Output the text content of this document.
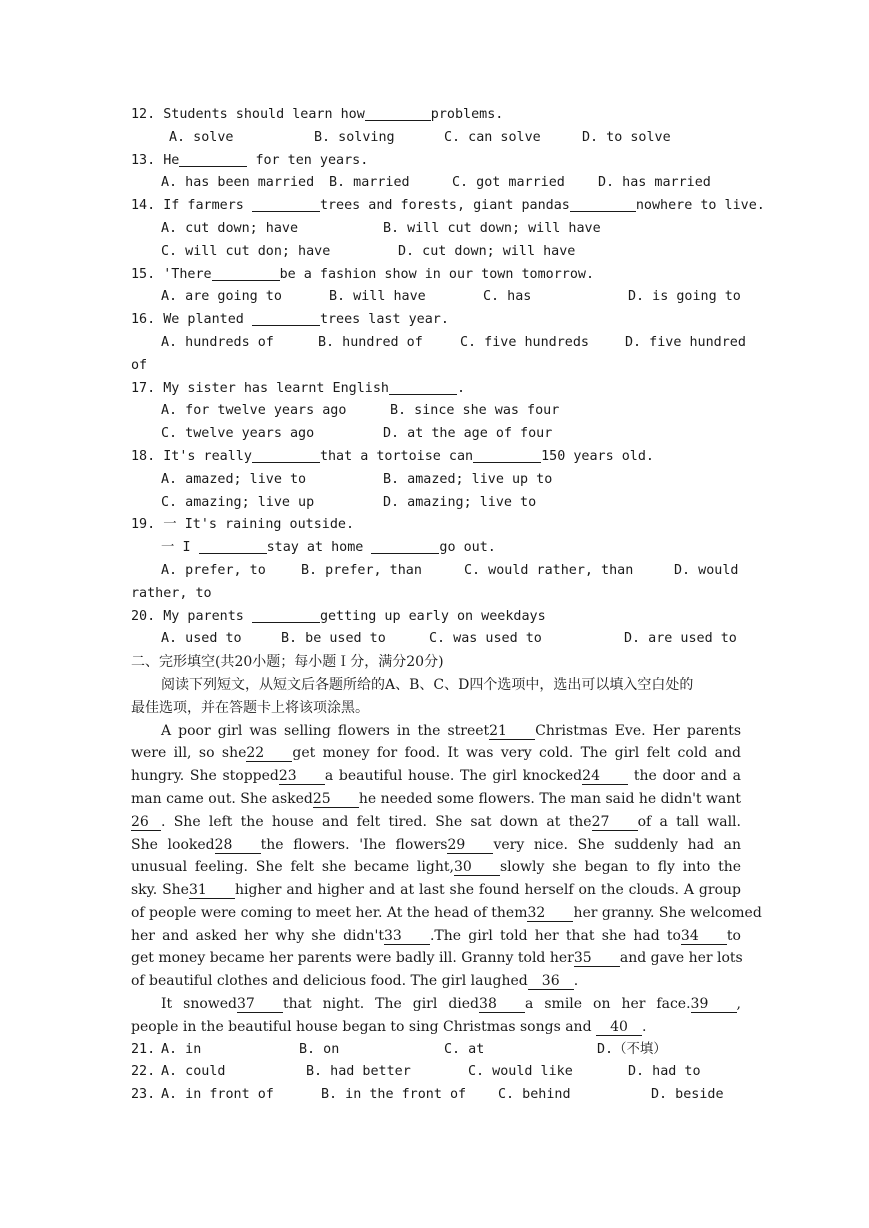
12. Students should learn how	problems.
A. solve	B. solving	C. can solve	D. to solve
13. He	for ten years.
A. has been married B. married	C. got married D. has married
14. If farmers	trees and forests, giant pandas	nowhere to live.
A. cut down; have	B. will cut down; will have
C. will cut don; have	D. cut down; will have
15. 'There	be a fashion show in our town tomorrow.
A. are going to	B. will have	C. has	D. is going to
16. We planted	trees last year.
A. hundreds of	B. hundred of	C. five hundreds	D. five hundred
of
17. My sister has learnt English	.
A. for twelve years ago	B. since she was four
C. twelve years ago	D. at the age of four
18. It's really	that a tortoise can	150 years old.
A. amazed; live to	B. amazed; live up to
C. amazing; live up	D. amazing; live to
19. 一 It's raining outside.
一 I	stay at home	go out.
A. prefer, to	B. prefer, than	C. would rather, than	D. would
rather, to
20. My parents	getting up early on weekdays
A. used to	B. be used to	C. was used to	D. are used to
二、完形填空(共20小题；每小题Ｉ分，满分20分)
阅读下列短文，从短文后各题所给的A、B、C、D四个选项中，选出可以填入空白处的
最佳选项，并在答题卡上将该项涂黑。
A poor girl was selling flowers in the street21 Christmas Eve. Her parents
were ill, so she22 get money for food. It was very cold. The girl felt cold and
hungry. She stopped23 a beautiful house. The girl knocked24 the door and a
man came out. She asked25 he needed some flowers. The man said he didn't want
26 . She left the house and felt tired. She sat down at the27 of a tall wall.
She looked28 the flowers. 'Ihe flowers29 very nice. She suddenly had an
unusual feeling. She felt she became light,30 slowly she began to fly into the
sky. She31 higher and higher and at last she found herself on the clouds. A group
of people were coming to meet her. At the head of them32 her granny. She welcomed
her and asked her why she didn't33 .The girl told her that she had to34 to
get money became her parents were badly ill. Granny told her35 and gave her lots
of beautiful clothes and delicious food. The girl laughed 36 .
It snowed37 that night. The girl died38 a smile on her face.39 ,
people in the beautiful house began to sing Christmas songs and 40 .
21. A. in	B. on	C. at	D.（不填）
22. A. could	B. had better	C. would like	D. had to
23. A. in front of	B. in the front of C. behind	D. beside
